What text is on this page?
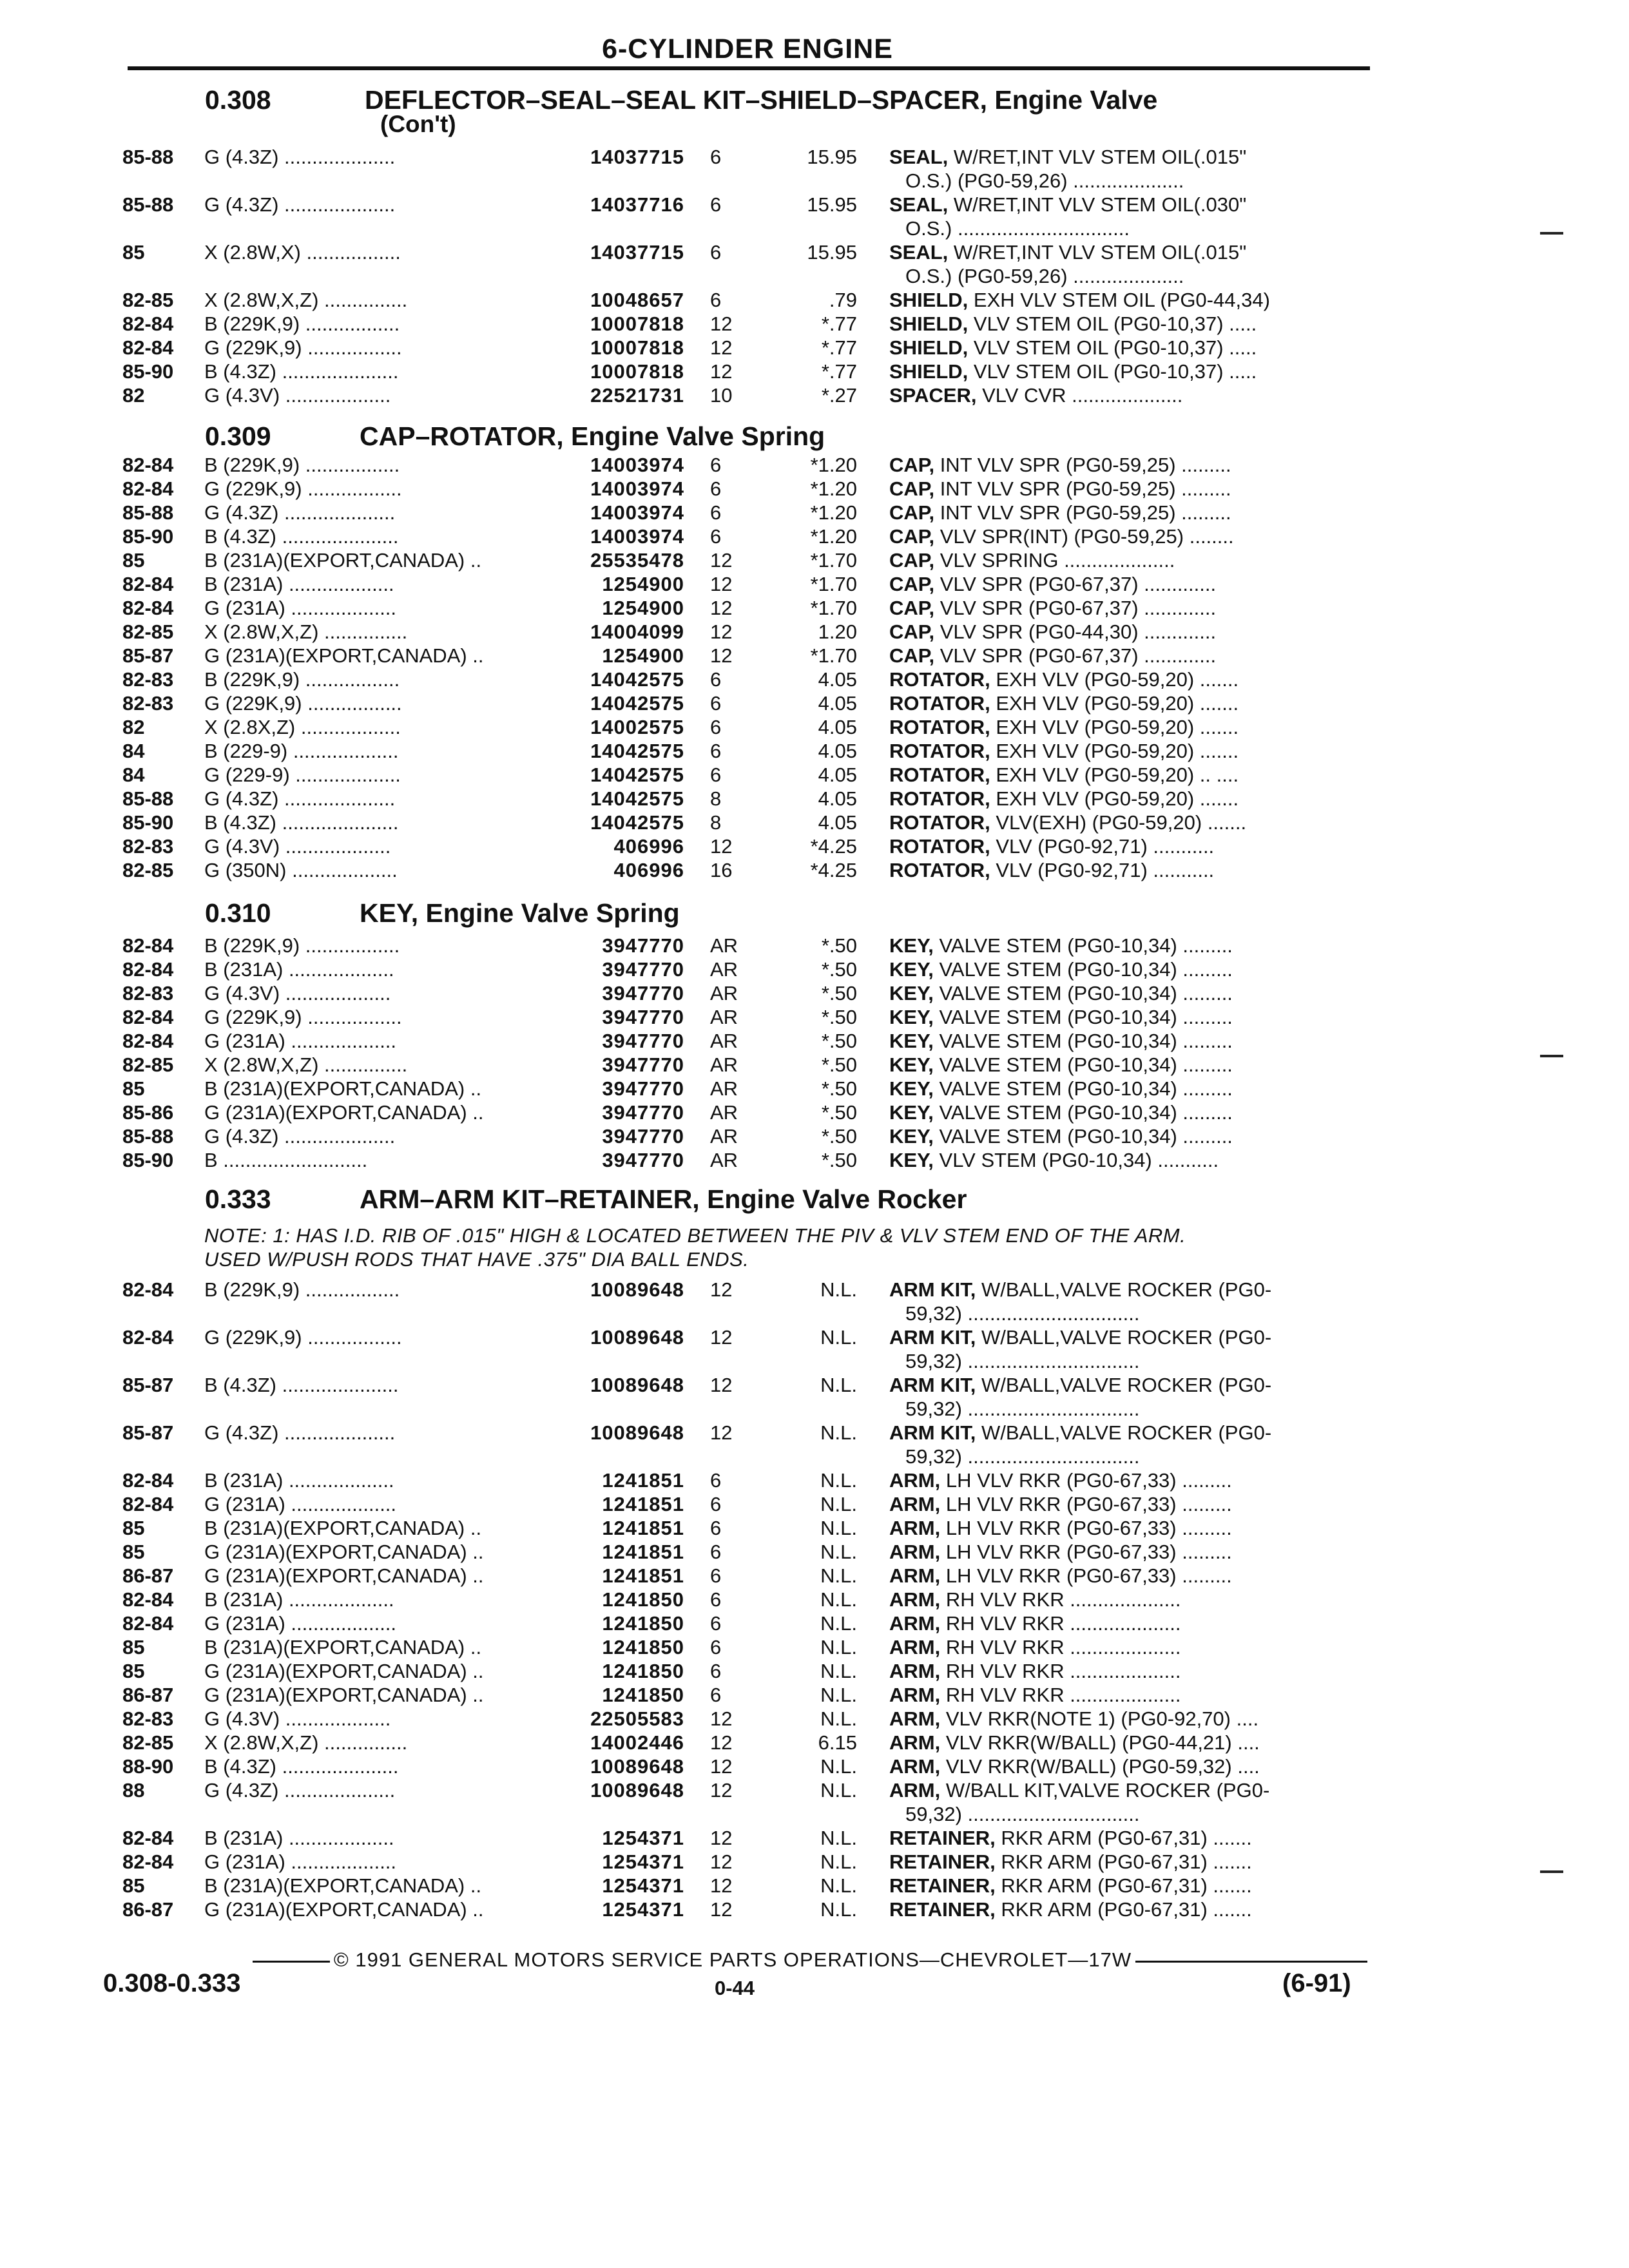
6-CYLINDER ENGINE
0.308	DEFLECTOR–SEAL–SEAL KIT–SHIELD–SPACER, Engine Valve
(Con't)
85-88 G (4.3Z) ....................	14037715 6	15.95 SEAL, W/RET,INT VLV STEM OIL(.015"
O.S.) (PG0-59,26) ....................
85-88 G (4.3Z) ....................	14037716 6	15.95 SEAL, W/RET,INT VLV STEM OIL(.030"
O.S.) ...............................
85	X (2.8W,X) .................	14037715 6	15.95 SEAL, W/RET,INT VLV STEM OIL(.015"
O.S.) (PG0-59,26) ....................
82-85 X (2.8W,X,Z) ...............	10048657 6	.79 SHIELD, EXH VLV STEM OIL (PG0-44,34)
82-84 B (229K,9) .................	10007818 12	*.77 SHIELD, VLV STEM OIL (PG0-10,37) .....
82-84 G (229K,9) .................	10007818 12	*.77 SHIELD, VLV STEM OIL (PG0-10,37) .....
85-90 B (4.3Z) .....................	10007818 12	*.77 SHIELD, VLV STEM OIL (PG0-10,37) .....
82	G (4.3V) ...................	22521731 10	*.27 SPACER, VLV CVR ....................
0.309	CAP–ROTATOR, Engine Valve Spring
82-84 B (229K,9) .................	14003974 6	*1.20 CAP, INT VLV SPR (PG0-59,25) .........
82-84 G (229K,9) .................	14003974 6	*1.20 CAP, INT VLV SPR (PG0-59,25) .........
85-88 G (4.3Z) ....................	14003974 6	*1.20 CAP, INT VLV SPR (PG0-59,25) .........
85-90 B (4.3Z) .....................	14003974 6	*1.20 CAP, VLV SPR(INT) (PG0-59,25) ........
85	B (231A)(EXPORT,CANADA) ..	25535478 12	*1.70 CAP, VLV SPRING ....................
82-84 B (231A) ...................	1254900 12	*1.70 CAP, VLV SPR (PG0-67,37) .............
82-84 G (231A) ...................	1254900 12	*1.70 CAP, VLV SPR (PG0-67,37) .............
82-85 X (2.8W,X,Z) ...............	14004099 12	1.20 CAP, VLV SPR (PG0-44,30) .............
85-87 G (231A)(EXPORT,CANADA) ..	1254900 12	*1.70 CAP, VLV SPR (PG0-67,37) .............
82-83 B (229K,9) .................	14042575 6	4.05 ROTATOR, EXH VLV (PG0-59,20) .......
82-83 G (229K,9) .................	14042575 6	4.05 ROTATOR, EXH VLV (PG0-59,20) .......
82	X (2.8X,Z) ..................	14002575 6	4.05 ROTATOR, EXH VLV (PG0-59,20) .......
84	B (229-9) ...................	14042575 6	4.05 ROTATOR, EXH VLV (PG0-59,20) .......
84	G (229-9) ...................	14042575 6	4.05 ROTATOR, EXH VLV (PG0-59,20) .. ....
85-88 G (4.3Z) ....................	14042575 8	4.05 ROTATOR, EXH VLV (PG0-59,20) .......
85-90 B (4.3Z) .....................	14042575 8	4.05 ROTATOR, VLV(EXH) (PG0-59,20) .......
82-83 G (4.3V) ...................	406996 12	*4.25 ROTATOR, VLV (PG0-92,71) ...........
82-85 G (350N) ...................	406996 16	*4.25 ROTATOR, VLV (PG0-92,71) ...........
0.310	KEY, Engine Valve Spring
82-84 B (229K,9) .................	3947770 AR	*.50 KEY, VALVE STEM (PG0-10,34) .........
82-84 B (231A) ...................	3947770 AR	*.50 KEY, VALVE STEM (PG0-10,34) .........
82-83 G (4.3V) ...................	3947770 AR	*.50 KEY, VALVE STEM (PG0-10,34) .........
82-84 G (229K,9) .................	3947770 AR	*.50 KEY, VALVE STEM (PG0-10,34) .........
82-84 G (231A) ...................	3947770 AR	*.50 KEY, VALVE STEM (PG0-10,34) .........
82-85 X (2.8W,X,Z) ...............	3947770 AR	*.50 KEY, VALVE STEM (PG0-10,34) .........
85	B (231A)(EXPORT,CANADA) ..	3947770 AR	*.50 KEY, VALVE STEM (PG0-10,34) .........
85-86 G (231A)(EXPORT,CANADA) ..	3947770 AR	*.50 KEY, VALVE STEM (PG0-10,34) .........
85-88 G (4.3Z) ....................	3947770 AR	*.50 KEY, VALVE STEM (PG0-10,34) .........
85-90 B ..........................	3947770 AR	*.50 KEY, VLV STEM (PG0-10,34) ...........
0.333	ARM–ARM KIT–RETAINER, Engine Valve Rocker
NOTE: 1: HAS I.D. RIB OF .015" HIGH & LOCATED BETWEEN THE PIV & VLV STEM END OF THE ARM.
USED W/PUSH RODS THAT HAVE .375" DIA BALL ENDS.
82-84 B (229K,9) .................	10089648 12	N.L. ARM KIT, W/BALL,VALVE ROCKER (PG0-
59,32) ...............................
82-84 G (229K,9) .................	10089648 12	N.L. ARM KIT, W/BALL,VALVE ROCKER (PG0-
59,32) ...............................
85-87 B (4.3Z) .....................	10089648 12	N.L. ARM KIT, W/BALL,VALVE ROCKER (PG0-
59,32) ...............................
85-87 G (4.3Z) ....................	10089648 12	N.L. ARM KIT, W/BALL,VALVE ROCKER (PG0-
59,32) ...............................
82-84 B (231A) ...................	1241851 6	N.L. ARM, LH VLV RKR (PG0-67,33) .........
82-84 G (231A) ...................	1241851 6	N.L. ARM, LH VLV RKR (PG0-67,33) .........
85	B (231A)(EXPORT,CANADA) ..	1241851 6	N.L. ARM, LH VLV RKR (PG0-67,33) .........
85	G (231A)(EXPORT,CANADA) ..	1241851 6	N.L. ARM, LH VLV RKR (PG0-67,33) .........
86-87 G (231A)(EXPORT,CANADA) ..	1241851 6	N.L. ARM, LH VLV RKR (PG0-67,33) .........
82-84 B (231A) ...................	1241850 6	N.L. ARM, RH VLV RKR ....................
82-84 G (231A) ...................	1241850 6	N.L. ARM, RH VLV RKR ....................
85	B (231A)(EXPORT,CANADA) ..	1241850 6	N.L. ARM, RH VLV RKR ....................
85	G (231A)(EXPORT,CANADA) ..	1241850 6	N.L. ARM, RH VLV RKR ....................
86-87 G (231A)(EXPORT,CANADA) ..	1241850 6	N.L. ARM, RH VLV RKR ....................
82-83 G (4.3V) ...................	22505583 12	N.L. ARM, VLV RKR(NOTE 1) (PG0-92,70) ....
82-85 X (2.8W,X,Z) ...............	14002446 12	6.15 ARM, VLV RKR(W/BALL) (PG0-44,21) ....
88-90 B (4.3Z) .....................	10089648 12	N.L. ARM, VLV RKR(W/BALL) (PG0-59,32) ....
88	G (4.3Z) ....................	10089648 12	N.L. ARM, W/BALL KIT,VALVE ROCKER (PG0-
59,32) ...............................
82-84 B (231A) ...................	1254371 12	N.L. RETAINER, RKR ARM (PG0-67,31) .......
82-84 G (231A) ...................	1254371 12	N.L. RETAINER, RKR ARM (PG0-67,31) .......
85	B (231A)(EXPORT,CANADA) ..	1254371 12	N.L. RETAINER, RKR ARM (PG0-67,31) .......
86-87 G (231A)(EXPORT,CANADA) ..	1254371 12	N.L. RETAINER, RKR ARM (PG0-67,31) .......
© 1991 GENERAL MOTORS SERVICE PARTS OPERATIONS—CHEVROLET—17W
0.308-0.333	0-44	(6-91)
